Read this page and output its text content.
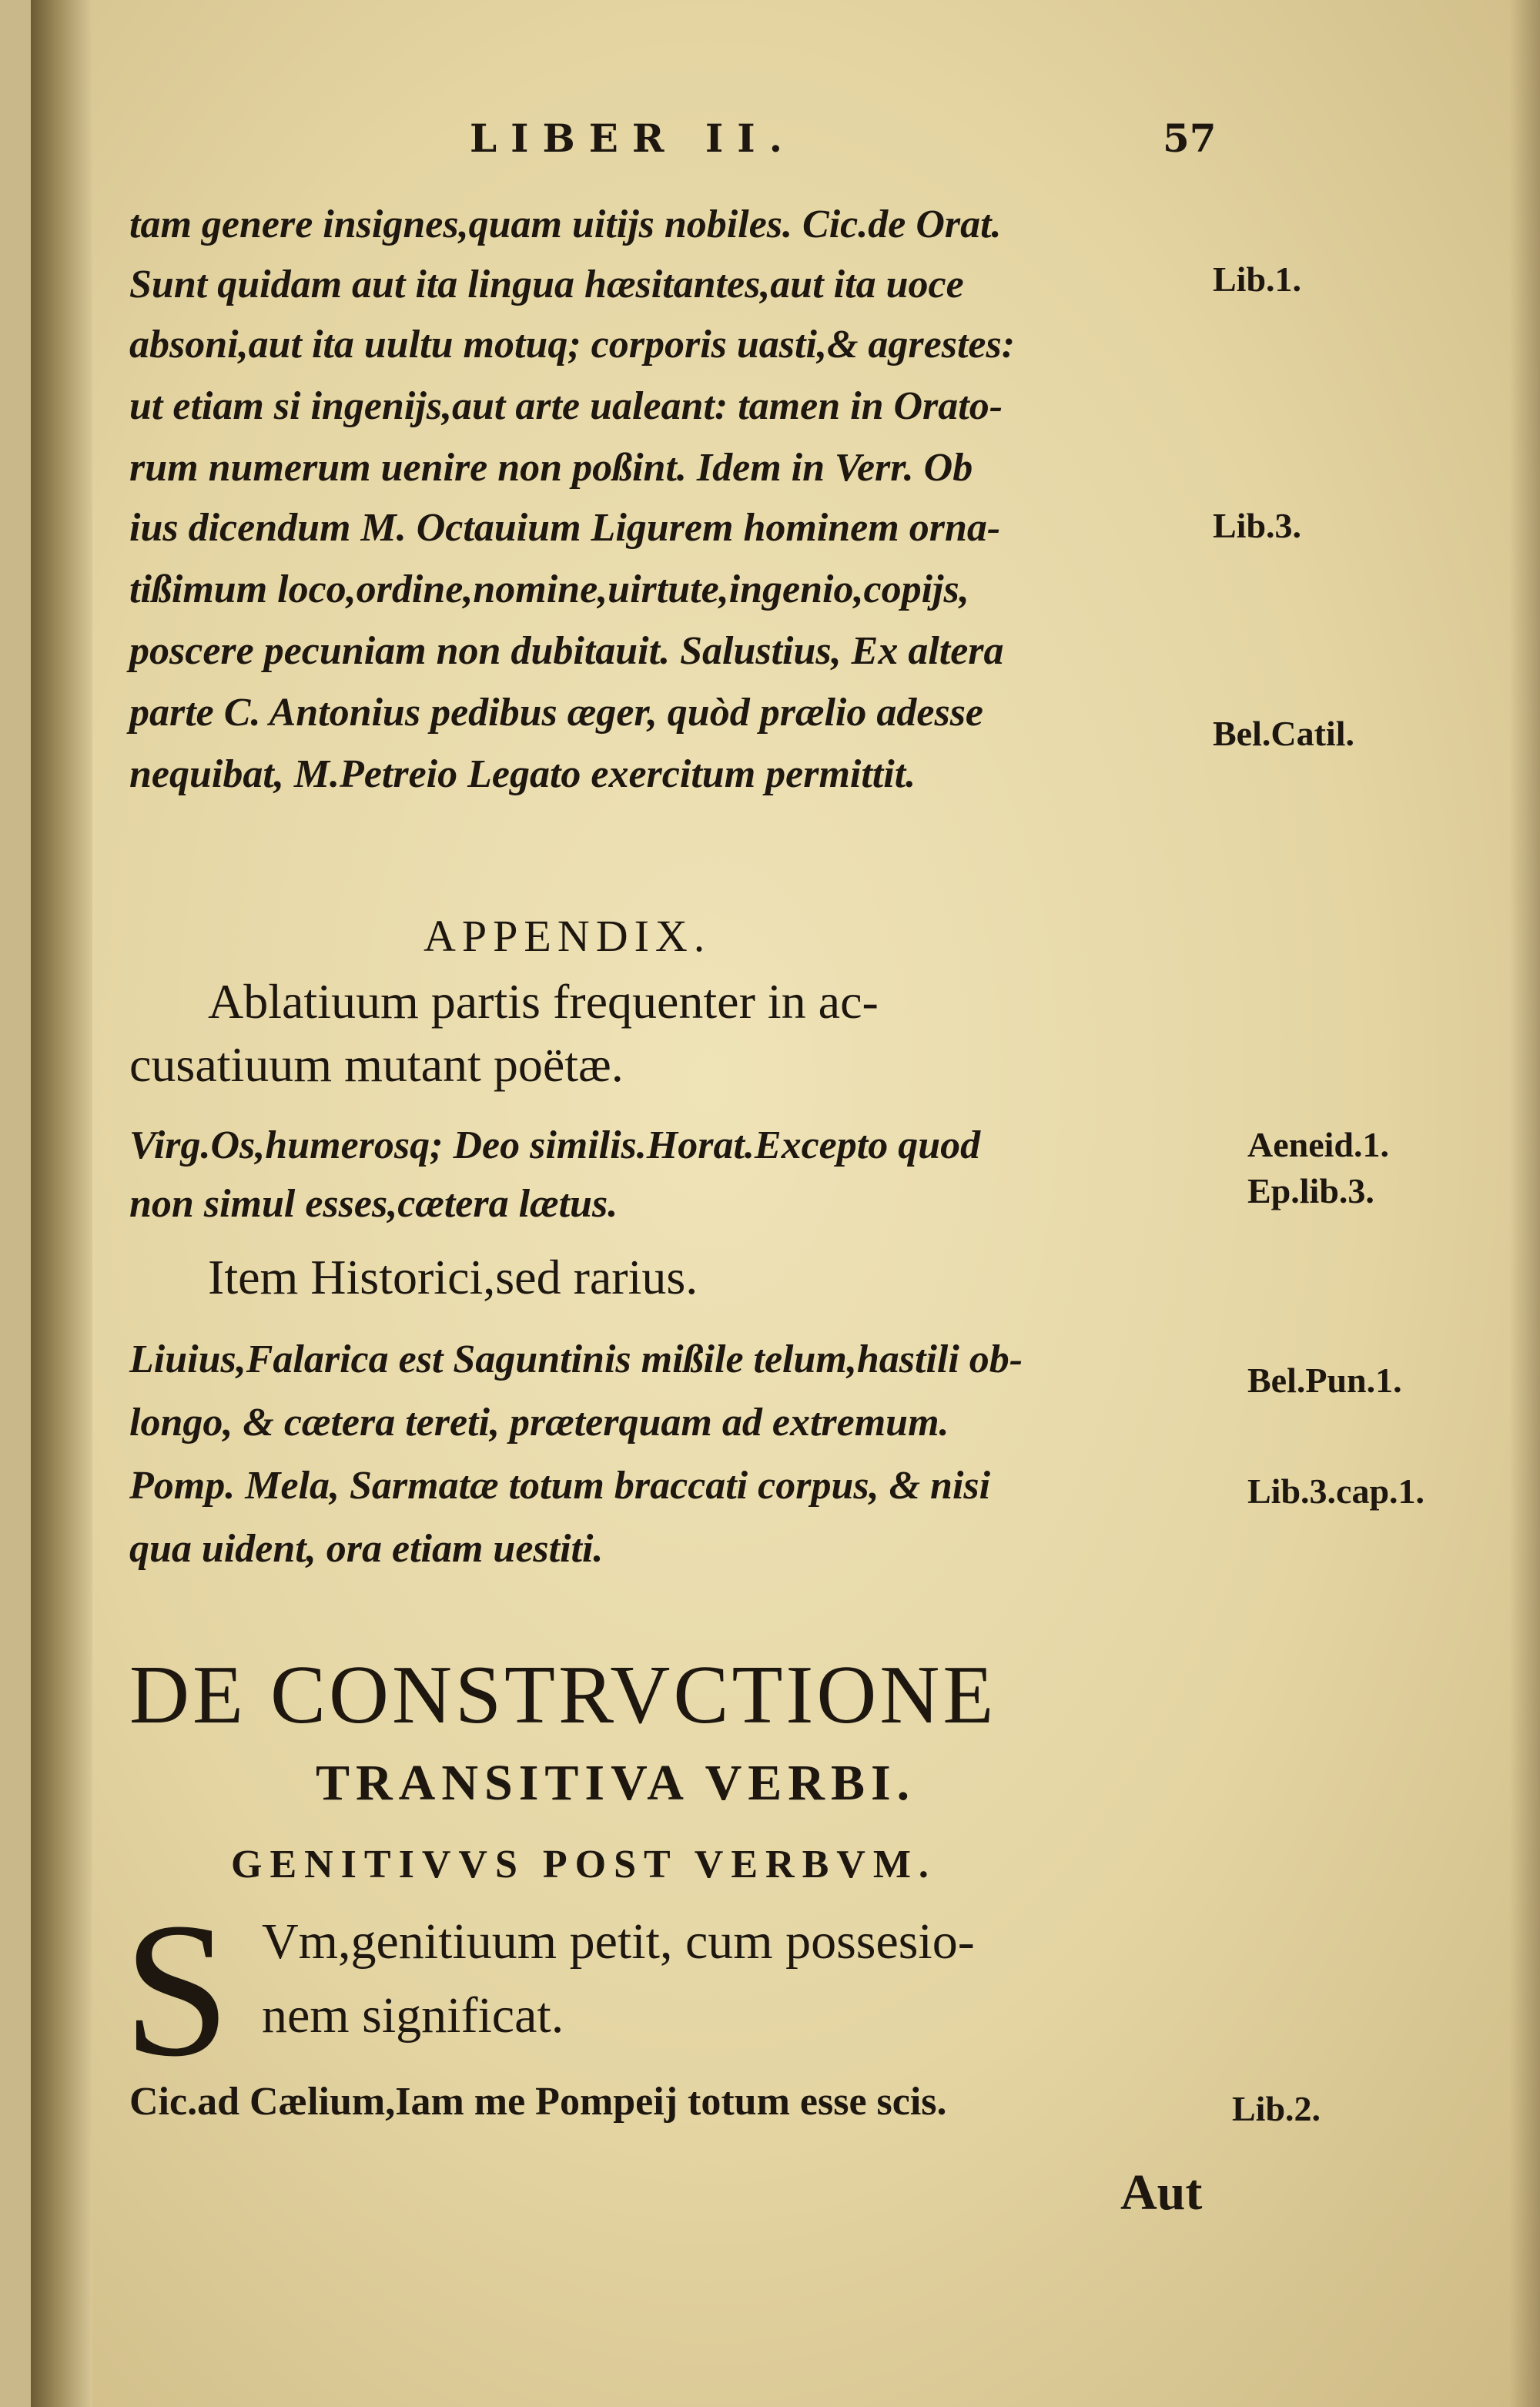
LIBER II.	57
tam genere insignes,quam uitijs nobiles. Cic.de Orat.
Sunt quidam aut ita lingua hæsitantes,aut ita uoce
absoni,aut ita uultu motuq; corporis uasti,& agrestes:
ut etiam si ingenijs,aut arte ualeant: tamen in Orato-
rum numerum uenire non poßint. Idem in Verr. Ob
ius dicendum M. Octauium Ligurem hominem orna-
tißimum loco,ordine,nomine,uirtute,ingenio,copijs,
poscere pecuniam non dubitauit. Salustius, Ex altera
parte C. Antonius pedibus æger, quòd prælio adesse
nequibat, M.Petreio Legato exercitum permittit.
Lib.1.
Lib.3.
Bel.Catil.
APPENDIX.
Ablatiuum partis frequenter in ac-
cusatiuum mutant poëtæ.
Virg.Os,humerosq; Deo similis.Horat.Excepto quod
non simul esses,cætera lætus.
Aeneid.1.
Ep.lib.3.
Item Historici,sed rarius.
Liuius,Falarica est Saguntinis mißile telum,hastili ob-
longo, & cætera tereti, præterquam ad extremum.
Pomp. Mela, Sarmatæ totum braccati corpus, & nisi
qua uident, ora etiam uestiti.
Bel.Pun.1.
Lib.3.cap.1.
DE CONSTRVCTIONE
TRANSITIVA VERBI.
GENITIVVS POST VERBVM.
S Vm,genitiuum petit, cum possesio-
nem significat.
Cic.ad Cælium,Iam me Pompeij totum esse scis.	Lib.2.
Aut
